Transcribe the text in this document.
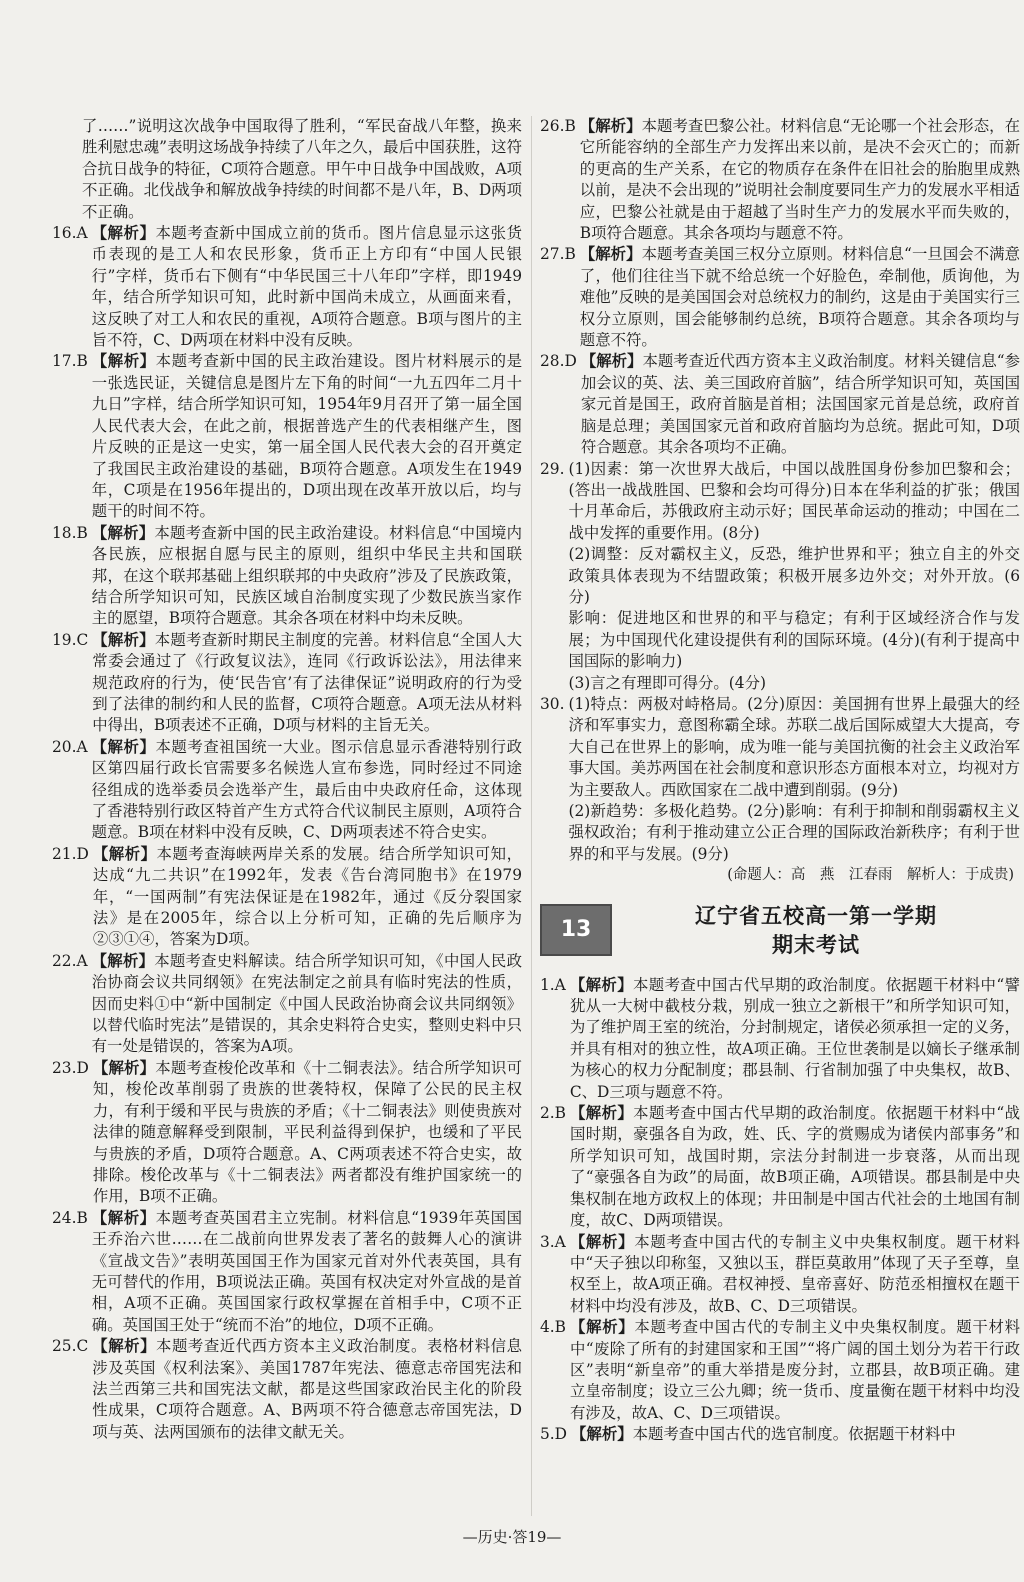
了……”说明这次战争中国取得了胜利，“军民奋战八年整，换来胜利慰忠魂”表明这场战争持续了八年之久，最后中国获胜，这符合抗日战争的特征，C项符合题意。甲午中日战争中国战败，A项不正确。北伐战争和解放战争持续的时间都不是八年，B、D两项不正确。

16.A 【解析】本题考查新中国成立前的货币。图片信息显示这张货币表现的是工人和农民形象，货币正上方印有“中国人民银行”字样，货币右下侧有“中华民国三十八年印”字样，即1949年，结合所学知识可知，此时新中国尚未成立，从画面来看，这反映了对工人和农民的重视，A项符合题意。B项与图片的主旨不符，C、D两项在材料中没有反映。
17.B 【解析】本题考查新中国的民主政治建设。图片材料展示的是一张选民证，关键信息是图片左下角的时间“一九五四年二月十九日”字样，结合所学知识可知，1954年9月召开了第一届全国人民代表大会，在此之前，根据普选产生的代表相继产生，图片反映的正是这一史实，第一届全国人民代表大会的召开奠定了我国民主政治建设的基础，B项符合题意。A项发生在1949年，C项是在1956年提出的，D项出现在改革开放以后，均与题干的时间不符。
18.B 【解析】本题考查新中国的民主政治建设。材料信息“中国境内各民族，应根据自愿与民主的原则，组织中华民主共和国联邦，在这个联邦基础上组织联邦的中央政府”涉及了民族政策，结合所学知识可知，民族区域自治制度实现了少数民族当家作主的愿望，B项符合题意。其余各项在材料中均未反映。
19.C 【解析】本题考查新时期民主制度的完善。材料信息“全国人大常委会通过了《行政复议法》，连同《行政诉讼法》，用法律来规范政府的行为，使‘民告官’有了法律保证”说明政府的行为受到了法律的制约和人民的监督，C项符合题意。A项无法从材料中得出，B项表述不正确，D项与材料的主旨无关。
20.A 【解析】本题考查祖国统一大业。图示信息显示香港特别行政区第四届行政长官需要多名候选人宣布参选，同时经过不同途径组成的选举委员会选举产生，最后由中央政府任命，这体现了香港特别行政区特首产生方式符合代议制民主原则，A项符合题意。B项在材料中没有反映，C、D两项表述不符合史实。
21.D 【解析】本题考查海峡两岸关系的发展。结合所学知识可知，达成“九二共识”在1992年，发表《告台湾同胞书》在1979年，“一国两制”有宪法保证是在1982年，通过《反分裂国家法》是在2005年，综合以上分析可知，正确的先后顺序为②③①④，答案为D项。
22.A 【解析】本题考查史料解读。结合所学知识可知，《中国人民政治协商会议共同纲领》在宪法制定之前具有临时宪法的性质，因而史料①中“新中国制定《中国人民政治协商会议共同纲领》以替代临时宪法”是错误的，其余史料符合史实，整则史料中只有一处是错误的，答案为A项。
23.D 【解析】本题考查梭伦改革和《十二铜表法》。结合所学知识可知，梭伦改革削弱了贵族的世袭特权，保障了公民的民主权力，有利于缓和平民与贵族的矛盾；《十二铜表法》则使贵族对法律的随意解释受到限制，平民利益得到保护，也缓和了平民与贵族的矛盾，D项符合题意。A、C两项表述不符合史实，故排除。梭伦改革与《十二铜表法》两者都没有维护国家统一的作用，B项不正确。
24.B 【解析】本题考查英国君主立宪制。材料信息“1939年英国国王乔治六世……在二战前向世界发表了著名的鼓舞人心的演讲《宣战文告》”表明英国国王作为国家元首对外代表英国，具有无可替代的作用，B项说法正确。英国有权决定对外宣战的是首相，A项不正确。英国国家行政权掌握在首相手中，C项不正确。英国国王处于“统而不治”的地位，D项不正确。
25.C 【解析】本题考查近代西方资本主义政治制度。表格材料信息涉及英国《权利法案》、美国1787年宪法、德意志帝国宪法和法兰西第三共和国宪法文献，都是这些国家政治民主化的阶段性成果，C项符合题意。A、B两项不符合德意志帝国宪法，D项与英、法两国颁布的法律文献无关。
26.B 【解析】本题考查巴黎公社。材料信息“无论哪一个社会形态，在它所能容纳的全部生产力发挥出来以前，是决不会灭亡的；而新的更高的生产关系，在它的物质存在条件在旧社会的胎胞里成熟以前，是决不会出现的”说明社会制度要同生产力的发展水平相适应，巴黎公社就是由于超越了当时生产力的发展水平而失败的，B项符合题意。其余各项均与题意不符。
27.B 【解析】本题考查美国三权分立原则。材料信息“一旦国会不满意了，他们往往当下就不给总统一个好脸色，牵制他，质询他，为难他”反映的是美国国会对总统权力的制约，这是由于美国实行三权分立原则，国会能够制约总统，B项符合题意。其余各项均与题意不符。
28.D 【解析】本题考查近代西方资本主义政治制度。材料关键信息“参加会议的英、法、美三国政府首脑”，结合所学知识可知，英国国家元首是国王，政府首脑是首相；法国国家元首是总统，政府首脑是总理；美国国家元首和政府首脑均为总统。据此可知，D项符合题意。其余各项均不正确。
29. (1)因素：第一次世界大战后，中国以战胜国身份参加巴黎和会；(答出一战战胜国、巴黎和会均可得分)日本在华利益的扩张；俄国十月革命后，苏俄政府主动示好；国民革命运动的推动；中国在二战中发挥的重要作用。(8分)

(2)调整：反对霸权主义，反恐，维护世界和平；独立自主的外交政策具体表现为不结盟政策；积极开展多边外交；对外开放。(6分)

影响：促进地区和世界的和平与稳定；有利于区域经济合作与发展；为中国现代化建设提供有利的国际环境。(4分)(有利于提高中国国际的影响力)

(3)言之有理即可得分。(4分)

30. (1)特点：两极对峙格局。(2分)原因：美国拥有世界上最强大的经济和军事实力，意图称霸全球。苏联二战后国际威望大大提高，夸大自己在世界上的影响，成为唯一能与美国抗衡的社会主义政治军事大国。美苏两国在社会制度和意识形态方面根本对立，均视对方为主要敌人。西欧国家在二战中遭到削弱。(9分)

(2)新趋势：多极化趋势。(2分)影响：有利于抑制和削弱霸权主义强权政治；有利于推动建立公正合理的国际政治新秩序；有利于世界的和平与发展。(9分)

(命题人：高　燕　江春雨　解析人：于成贵)

13
辽宁省五校高一第一学期
期末考试
1.A 【解析】本题考查中国古代早期的政治制度。依据题干材料中“譬犹从一大树中截枝分栽，别成一独立之新根干”和所学知识可知，为了维护周王室的统治，分封制规定，诸侯必须承担一定的义务，并具有相对的独立性，故A项正确。王位世袭制是以嫡长子继承制为核心的权力分配制度；郡县制、行省制加强了中央集权，故B、C、D三项与题意不符。
2.B 【解析】本题考查中国古代早期的政治制度。依据题干材料中“战国时期，豪强各自为政，姓、氏、字的赏赐成为诸侯内部事务”和所学知识可知，战国时期，宗法分封制进一步衰落，从而出现了“豪强各自为政”的局面，故B项正确，A项错误。郡县制是中央集权制在地方政权上的体现；井田制是中国古代社会的土地国有制度，故C、D两项错误。
3.A 【解析】本题考查中国古代的专制主义中央集权制度。题干材料中“天子独以印称玺，又独以玉，群臣莫敢用”体现了天子至尊，皇权至上，故A项正确。君权神授、皇帝喜好、防范丞相擅权在题干材料中均没有涉及，故B、C、D三项错误。
4.B 【解析】本题考查中国古代的专制主义中央集权制度。题干材料中“废除了所有的封建国家和王国”“将广阔的国土划分为若干行政区”表明“新皇帝”的重大举措是废分封，立郡县，故B项正确。建立皇帝制度；设立三公九卿；统一货币、度量衡在题干材料中均没有涉及，故A、C、D三项错误。
5.D 【解析】本题考查中国古代的选官制度。依据题干材料中
—历史·答19—
